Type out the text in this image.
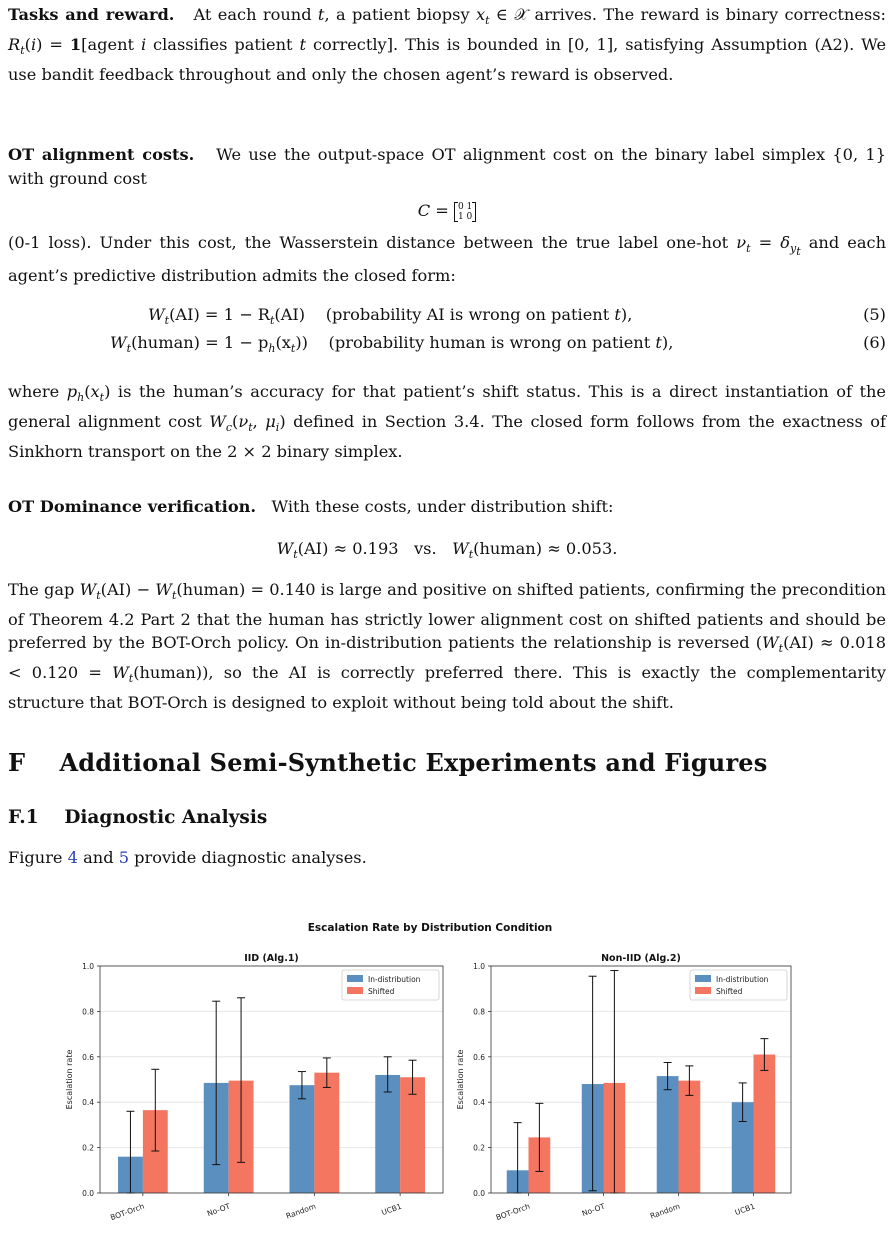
Tasks and reward. At each round t, a patient biopsy $x_t$ ∈ 𝒳 arrives. The reward is binary correctness: $R_t(i)$ = 1[agent i classifies patient t correctly]. This is bounded in [0, 1], satisfying Assumption (A2). We use bandit feedback throughout and only the chosen agent’s reward is observed.

OT alignment costs. We use the output-space OT alignment cost on the binary label simplex {0, 1} with ground cost

C = 0 1
1 0

(0-1 loss). Under this cost, the Wasserstein distance between the true label one-hot $\nu_t = \delta_{y_t}$ and each agent’s predictive distribution admits the closed form:

$W_t(AI) = 1 - R_t(AI)$ (probability AI is wrong on patient t),	(5)
$W_t(human) = 1 - p_h(x_t)$)    (probability human is wrong on patient t),	(6)

where $p_h(x_t)$ is the human’s accuracy for that patient’s shift status. This is a direct instantiation of the general alignment cost $W_c(\nu_t$, $\mu_i$) defined in Section 3.4. The closed form follows from the exactness of Sinkhorn transport on the 2 × 2 binary simplex.

OT Dominance verification. With these costs, under distribution shift:

$W_t(AI) \approx 0.193$ vs. $W_t(human) \approx 0.053$.

The gap $W_t(AI)$ − $W_t(human) = 0.140$ is large and positive on shifted patients, confirming the precondition of Theorem 4.2 Part 2 that the human has strictly lower alignment cost on shifted patients and should be preferred by the BOT-Orch policy. On in-distribution patients the relationship is reversed ($W_t(AI) \approx 0.018 < 0.120$ = $W_t(human)$), so the AI is correctly preferred there. This is exactly the complementarity structure that BOT-Orch is designed to exploit without being told about the shift.

F Additional Semi-Synthetic Experiments and Figures
F.1 Diagnostic Analysis

Figure 4 and 5 provide diagnostic analyses.

Escalation Rate by Distribution Condition
0.0
0.2
0.4
0.6
0.8
1.0
BOT-Orch	No-OT	Random	UCB1
IID (Alg.1)
Escalation rate
In-distribution
Shifted
0.0
0.2
0.4
0.6
0.8
1.0
BOT-Orch	No-OT	Random	UCB1
Non-IID (Alg.2)
Escalation rate
In-distribution
Shifted
